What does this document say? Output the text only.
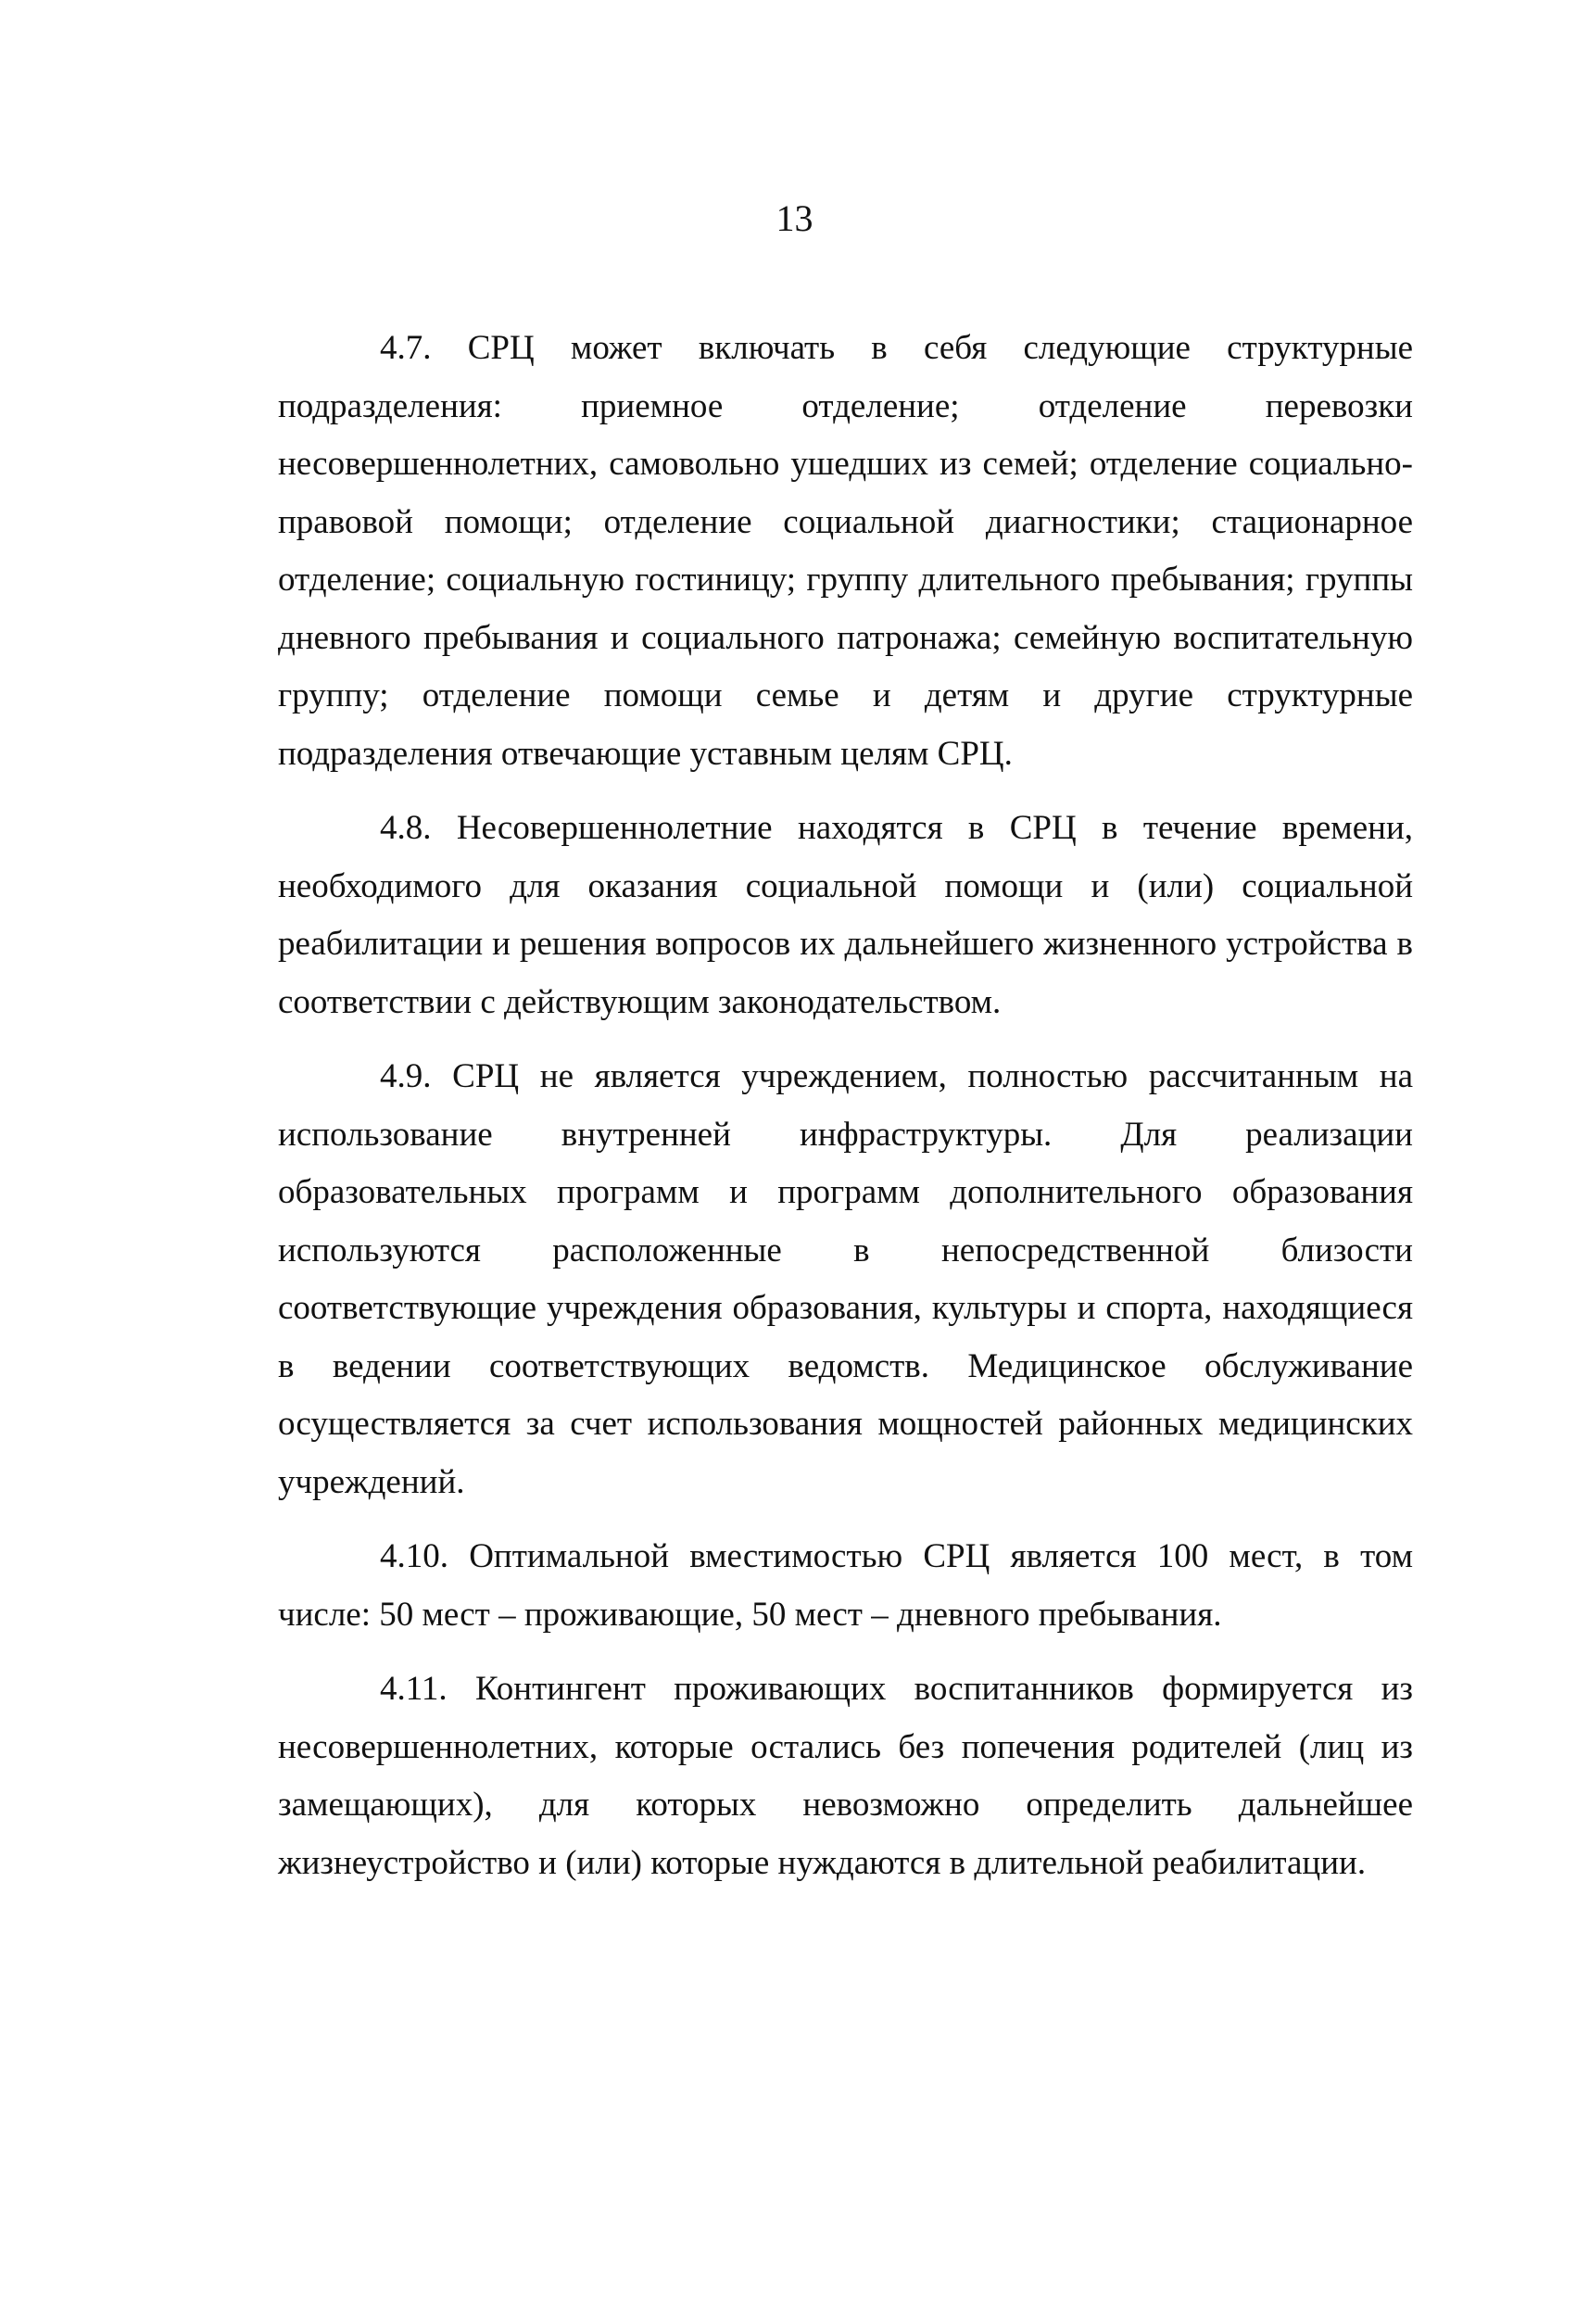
13

4.7. СРЦ может включать в себя следующие структурные подразделения: приемное отделение; отделение перевозки несовершеннолетних, самовольно ушедших из семей; отделение социально-правовой помощи; отделение социальной диагностики; стационарное отделение; социальную гостиницу; группу длительного пребывания; группы дневного пребывания и социального патронажа; семейную воспитательную группу; отделение помощи семье и детям и другие структурные подразделения отвечающие уставным целям СРЦ.

4.8. Несовершеннолетние находятся в СРЦ в течение времени, необходимого для оказания социальной помощи и (или) социальной реабилитации и решения вопросов их дальнейшего жизненного устройства в соответствии с действующим законодательством.

4.9. СРЦ не является учреждением, полностью рассчитанным на использование внутренней инфраструктуры. Для реализации образовательных программ и программ дополнительного образования используются расположенные в непосредственной близости соответствующие учреждения образования, культуры и спорта, находящиеся в ведении соответствующих ведомств. Медицинское обслуживание осуществляется за счет использования мощностей районных медицинских учреждений.

4.10. Оптимальной вместимостью СРЦ является 100 мест, в том числе: 50 мест – проживающие, 50 мест – дневного пребывания.

4.11. Контингент проживающих воспитанников формируется из несовершеннолетних, которые остались без попечения родителей (лиц из замещающих), для которых невозможно определить дальнейшее жизнеустройство и (или) которые нуждаются в длительной реабилитации.
